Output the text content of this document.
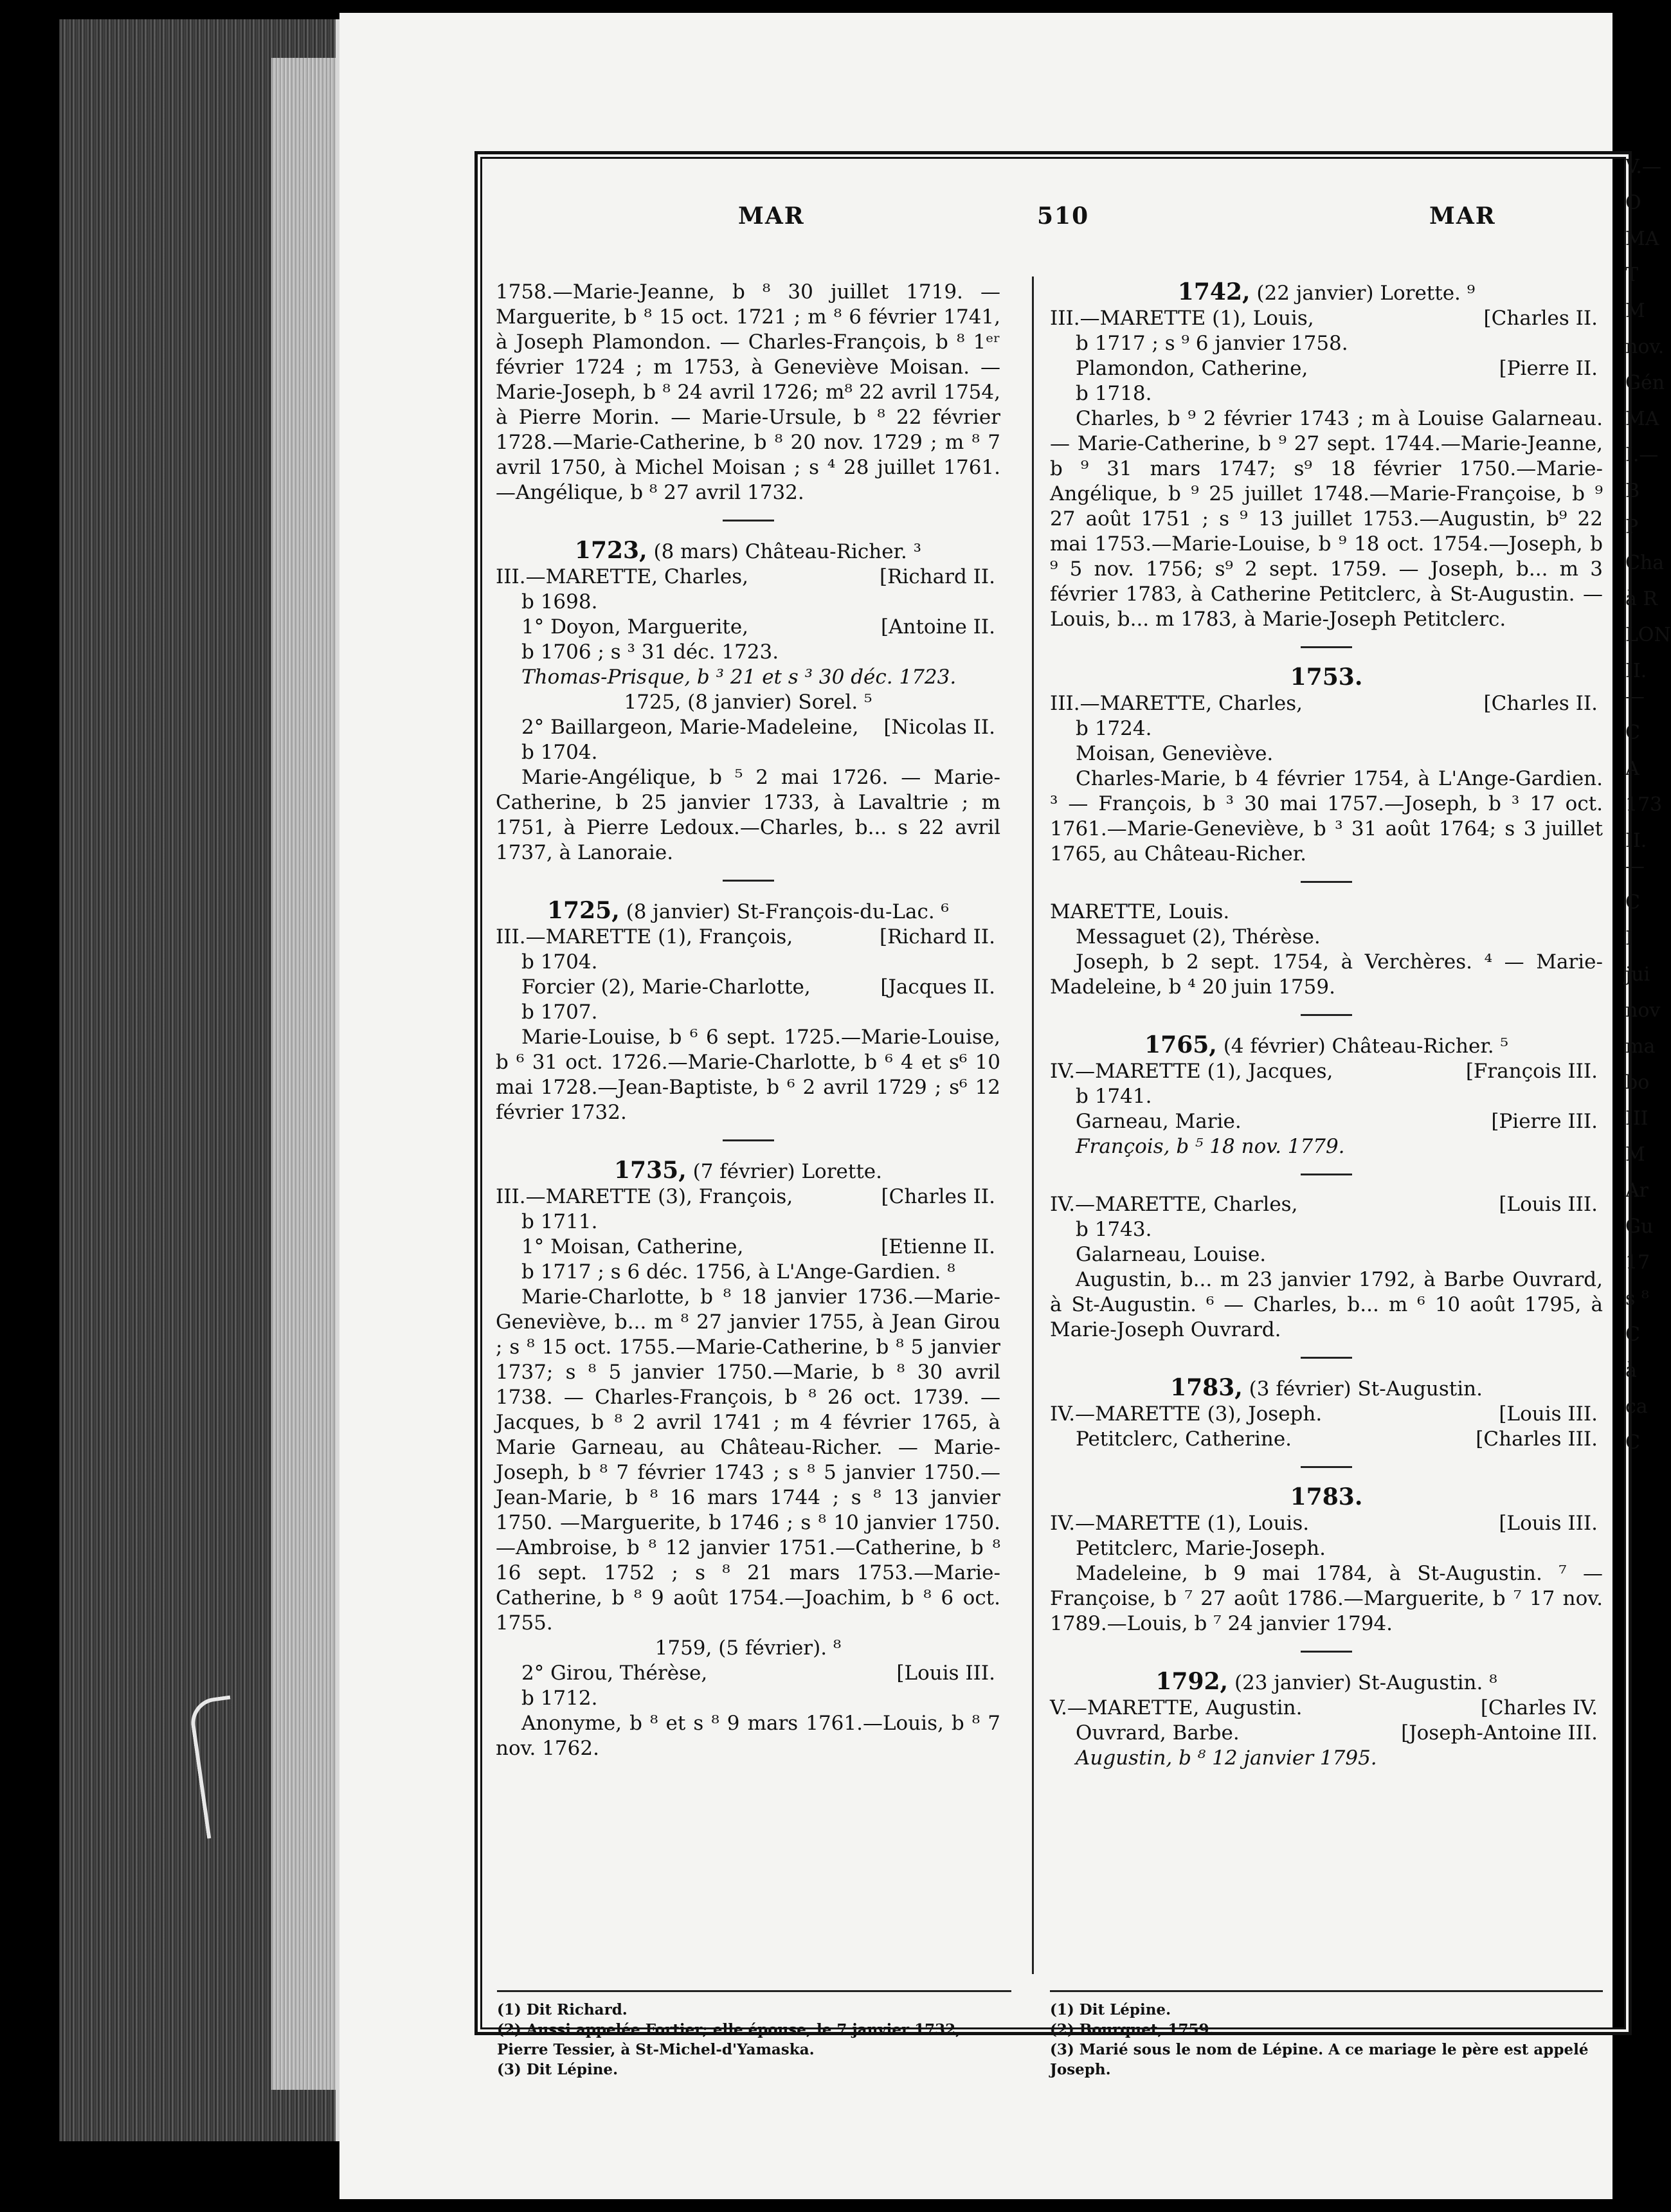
MAR	510	MAR

1758.—Marie-Jeanne, b ⁸ 30 juillet 1719. — Marguerite, b ⁸ 15 oct. 1721 ; m ⁸ 6 février 1741, à Joseph Plamondon. — Charles-François, b ⁸ 1ᵉʳ février 1724 ; m 1753, à Geneviève Moisan. — Marie-Joseph, b ⁸ 24 avril 1726; m⁸ 22 avril 1754, à Pierre Morin. — Marie-Ursule, b ⁸ 22 février 1728.—Marie-Catherine, b ⁸ 20 nov. 1729 ; m ⁸ 7 avril 1750, à Michel Moisan ; s ⁴ 28 juillet 1761. —Angélique, b ⁸ 27 avril 1732.

1723, (8 mars) Château-Richer. ³

III.—MARETTE, Charles,	[Richard II.

b 1698.

1° Doyon, Marguerite,	[Antoine II.

b 1706 ; s ³ 31 déc. 1723.

Thomas-Prisque, b ³ 21 et s ³ 30 déc. 1723.

1725, (8 janvier) Sorel. ⁵

2° Baillargeon, Marie-Madeleine, [Nicolas II.

b 1704.

Marie-Angélique, b ⁵ 2 mai 1726. — Marie-Catherine, b 25 janvier 1733, à Lavaltrie ; m 1751, à Pierre Ledoux.—Charles, b... s 22 avril 1737, à Lanoraie.

1725, (8 janvier) St-François-du-Lac. ⁶

III.—MARETTE (1), François,	[Richard II.

b 1704.

Forcier (2), Marie-Charlotte,	[Jacques II.

b 1707.

Marie-Louise, b ⁶ 6 sept. 1725.—Marie-Louise, b ⁶ 31 oct. 1726.—Marie-Charlotte, b ⁶ 4 et s⁶ 10 mai 1728.—Jean-Baptiste, b ⁶ 2 avril 1729 ; s⁶ 12 février 1732.

1735, (7 février) Lorette.

III.—MARETTE (3), François,	[Charles II.

b 1711.

1° Moisan, Catherine,	[Etienne II.

b 1717 ; s 6 déc. 1756, à L'Ange-Gardien. ⁸

Marie-Charlotte, b ⁸ 18 janvier 1736.—Marie-Geneviève, b... m ⁸ 27 janvier 1755, à Jean Girou ; s ⁸ 15 oct. 1755.—Marie-Catherine, b ⁸ 5 janvier 1737; s ⁸ 5 janvier 1750.—Marie, b ⁸ 30 avril 1738. — Charles-François, b ⁸ 26 oct. 1739. — Jacques, b ⁸ 2 avril 1741 ; m 4 février 1765, à Marie Garneau, au Château-Richer. — Marie-Joseph, b ⁸ 7 février 1743 ; s ⁸ 5 janvier 1750.—Jean-Marie, b ⁸ 16 mars 1744 ; s ⁸ 13 janvier 1750. —Marguerite, b 1746 ; s ⁸ 10 janvier 1750.—Ambroise, b ⁸ 12 janvier 1751.—Catherine, b ⁸ 16 sept. 1752 ; s ⁸ 21 mars 1753.—Marie-Catherine, b ⁸ 9 août 1754.—Joachim, b ⁸ 6 oct. 1755.

1759, (5 février). ⁸

2° Girou, Thérèse,	[Louis III.

b 1712.

Anonyme, b ⁸ et s ⁸ 9 mars 1761.—Louis, b ⁸ 7 nov. 1762.

1742, (22 janvier) Lorette. ⁹

III.—MARETTE (1), Louis,	[Charles II.

b 1717 ; s ⁹ 6 janvier 1758.

Plamondon, Catherine,	[Pierre II.

b 1718.

Charles, b ⁹ 2 février 1743 ; m à Louise Galarneau. — Marie-Catherine, b ⁹ 27 sept. 1744.—Marie-Jeanne, b ⁹ 31 mars 1747; s⁹ 18 février 1750.—Marie-Angélique, b ⁹ 25 juillet 1748.—Marie-Françoise, b ⁹ 27 août 1751 ; s ⁹ 13 juillet 1753.—Augustin, b⁹ 22 mai 1753.—Marie-Louise, b ⁹ 18 oct. 1754.—Joseph, b ⁹ 5 nov. 1756; s⁹ 2 sept. 1759. — Joseph, b... m 3 février 1783, à Catherine Petitclerc, à St-Augustin. — Louis, b... m 1783, à Marie-Joseph Petitclerc.

1753.

III.—MARETTE, Charles,	[Charles II.

b 1724.

Moisan, Geneviève.

Charles-Marie, b 4 février 1754, à L'Ange-Gardien. ³ — François, b ³ 30 mai 1757.—Joseph, b ³ 17 oct. 1761.—Marie-Geneviève, b ³ 31 août 1764; s 3 juillet 1765, au Château-Richer.

MARETTE, Louis.

Messaguet (2), Thérèse.

Joseph, b 2 sept. 1754, à Verchères. ⁴ — Marie-Madeleine, b ⁴ 20 juin 1759.

1765, (4 février) Château-Richer. ⁵

IV.—MARETTE (1), Jacques,	[François III.

b 1741.

Garneau, Marie.	[Pierre III.

François, b ⁵ 18 nov. 1779.

IV.—MARETTE, Charles,	[Louis III.

b 1743.

Galarneau, Louise.

Augustin, b... m 23 janvier 1792, à Barbe Ouvrard, à St-Augustin. ⁶ — Charles, b... m ⁶ 10 août 1795, à Marie-Joseph Ouvrard.

1783, (3 février) St-Augustin.

IV.—MARETTE (3), Joseph.	[Louis III.

Petitclerc, Catherine.	[Charles III.

1783.

IV.—MARETTE (1), Louis.	[Louis III.

Petitclerc, Marie-Joseph.

Madeleine, b 9 mai 1784, à St-Augustin. ⁷ — Françoise, b ⁷ 27 août 1786.—Marguerite, b ⁷ 17 nov. 1789.—Louis, b ⁷ 24 janvier 1794.

1792, (23 janvier) St-Augustin. ⁸

V.—MARETTE, Augustin.	[Charles IV.

Ouvrard, Barbe.	[Joseph-Antoine III.

Augustin, b ⁸ 12 janvier 1795.

(1) Dit Richard.

(2) Aussi appelée Fortier; elle épouse, le 7 janvier 1732, Pierre Tessier, à St-Michel-d'Yamaska.

(3) Dit Lépine.

(1) Dit Lépine.

(2) Bourquet, 1759.

(3) Marié sous le nom de Lépine. A ce mariage le père est appelé Joseph.

V.—
O
MA
T
M
nov.
Gén
MA
I.—
B
P
Cha
à R
LON
II.—
C
A
173
II.—
C
I
jui
nov
ma
bo
III
M
Ar
Gu
17
s ⁸
C
à
ca
C
